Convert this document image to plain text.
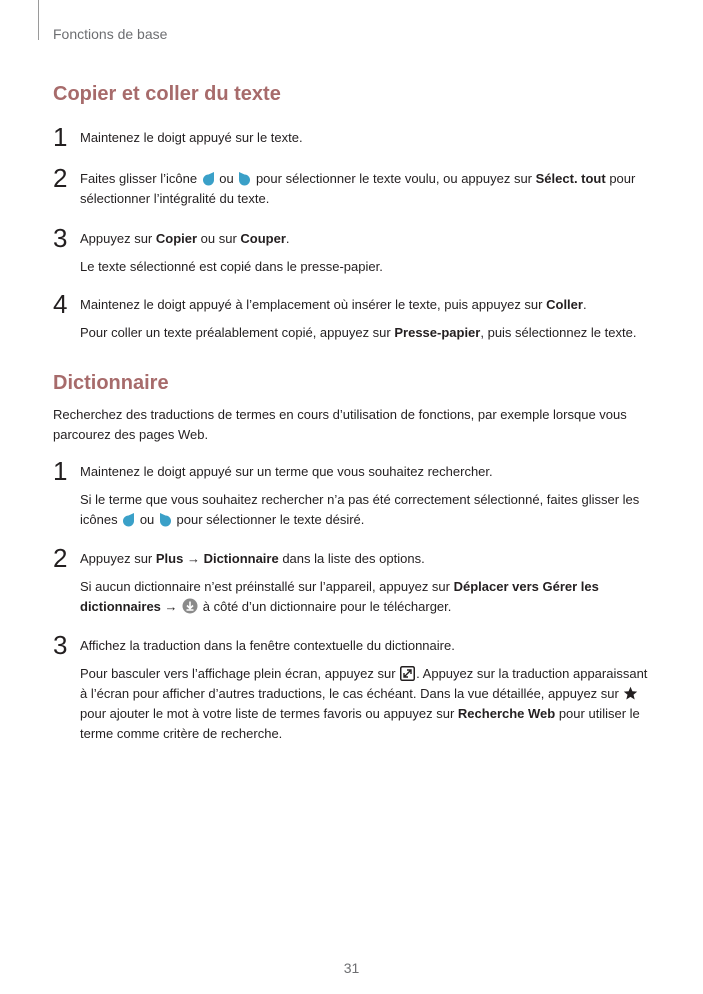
Fonctions de base
Copier et coller du texte
1 Maintenez le doigt appuyé sur le texte.

2 Faites glisser l’icône  ou  pour sélectionner le texte voulu, ou appuyez sur Sélect. tout pour sélectionner l’intégralité du texte.

3 Appuyez sur Copier ou sur Couper.

Le texte sélectionné est copié dans le presse-papier.

4 Maintenez le doigt appuyé à l’emplacement où insérer le texte, puis appuyez sur Coller.

Pour coller un texte préalablement copié, appuyez sur Presse-papier, puis sélectionnez le texte.

Dictionnaire
Recherchez des traductions de termes en cours d’utilisation de fonctions, par exemple lorsque vous parcourez des pages Web.
1 Maintenez le doigt appuyé sur un terme que vous souhaitez rechercher.

Si le terme que vous souhaitez rechercher n’a pas été correctement sélectionné, faites glisser les icônes  ou  pour sélectionner le texte désiré.

2 Appuyez sur Plus → Dictionnaire dans la liste des options.

Si aucun dictionnaire n’est préinstallé sur l’appareil, appuyez sur Déplacer vers Gérer les dictionnaires →  à côté d’un dictionnaire pour le télécharger.

3 Affichez la traduction dans la fenêtre contextuelle du dictionnaire.

Pour basculer vers l’affichage plein écran, appuyez sur . Appuyez sur la traduction apparaissant à l’écran pour afficher d’autres traductions, le cas échéant. Dans la vue détaillée, appuyez sur  pour ajouter le mot à votre liste de termes favoris ou appuyez sur Recherche Web pour utiliser le terme comme critère de recherche.

31
